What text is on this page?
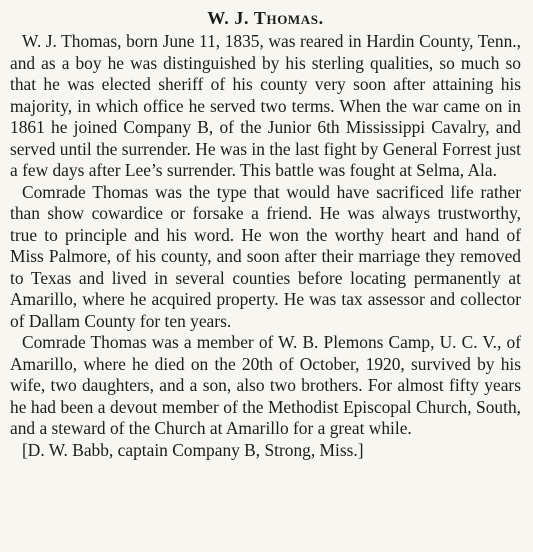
W. J. Thomas.

W. J. Thomas, born June 11, 1835, was reared in Hardin County, Tenn., and as a boy he was distinguished by his sterling qualities, so much so that he was elected sheriff of his county very soon after attaining his majority, in which office he served two terms. When the war came on in 1861 he joined Company B, of the Junior 6th Mississippi Cavalry, and served until the surrender. He was in the last fight by General Forrest just a few days after Lee’s surrender. This battle was fought at Selma, Ala.

Comrade Thomas was the type that would have sacrificed life rather than show cowardice or forsake a friend. He was always trustworthy, true to principle and his word. He won the worthy heart and hand of Miss Palmore, of his county, and soon after their marriage they removed to Texas and lived in several counties before locating permanently at Amarillo, where he acquired property. He was tax assessor and collector of Dallam County for ten years.

Comrade Thomas was a member of W. B. Plemons Camp, U. C. V., of Amarillo, where he died on the 20th of October, 1920, survived by his wife, two daughters, and a son, also two brothers. For almost fifty years he had been a devout member of the Methodist Episcopal Church, South, and a steward of the Church at Amarillo for a great while.

[D. W. Babb, captain Company B, Strong, Miss.]
